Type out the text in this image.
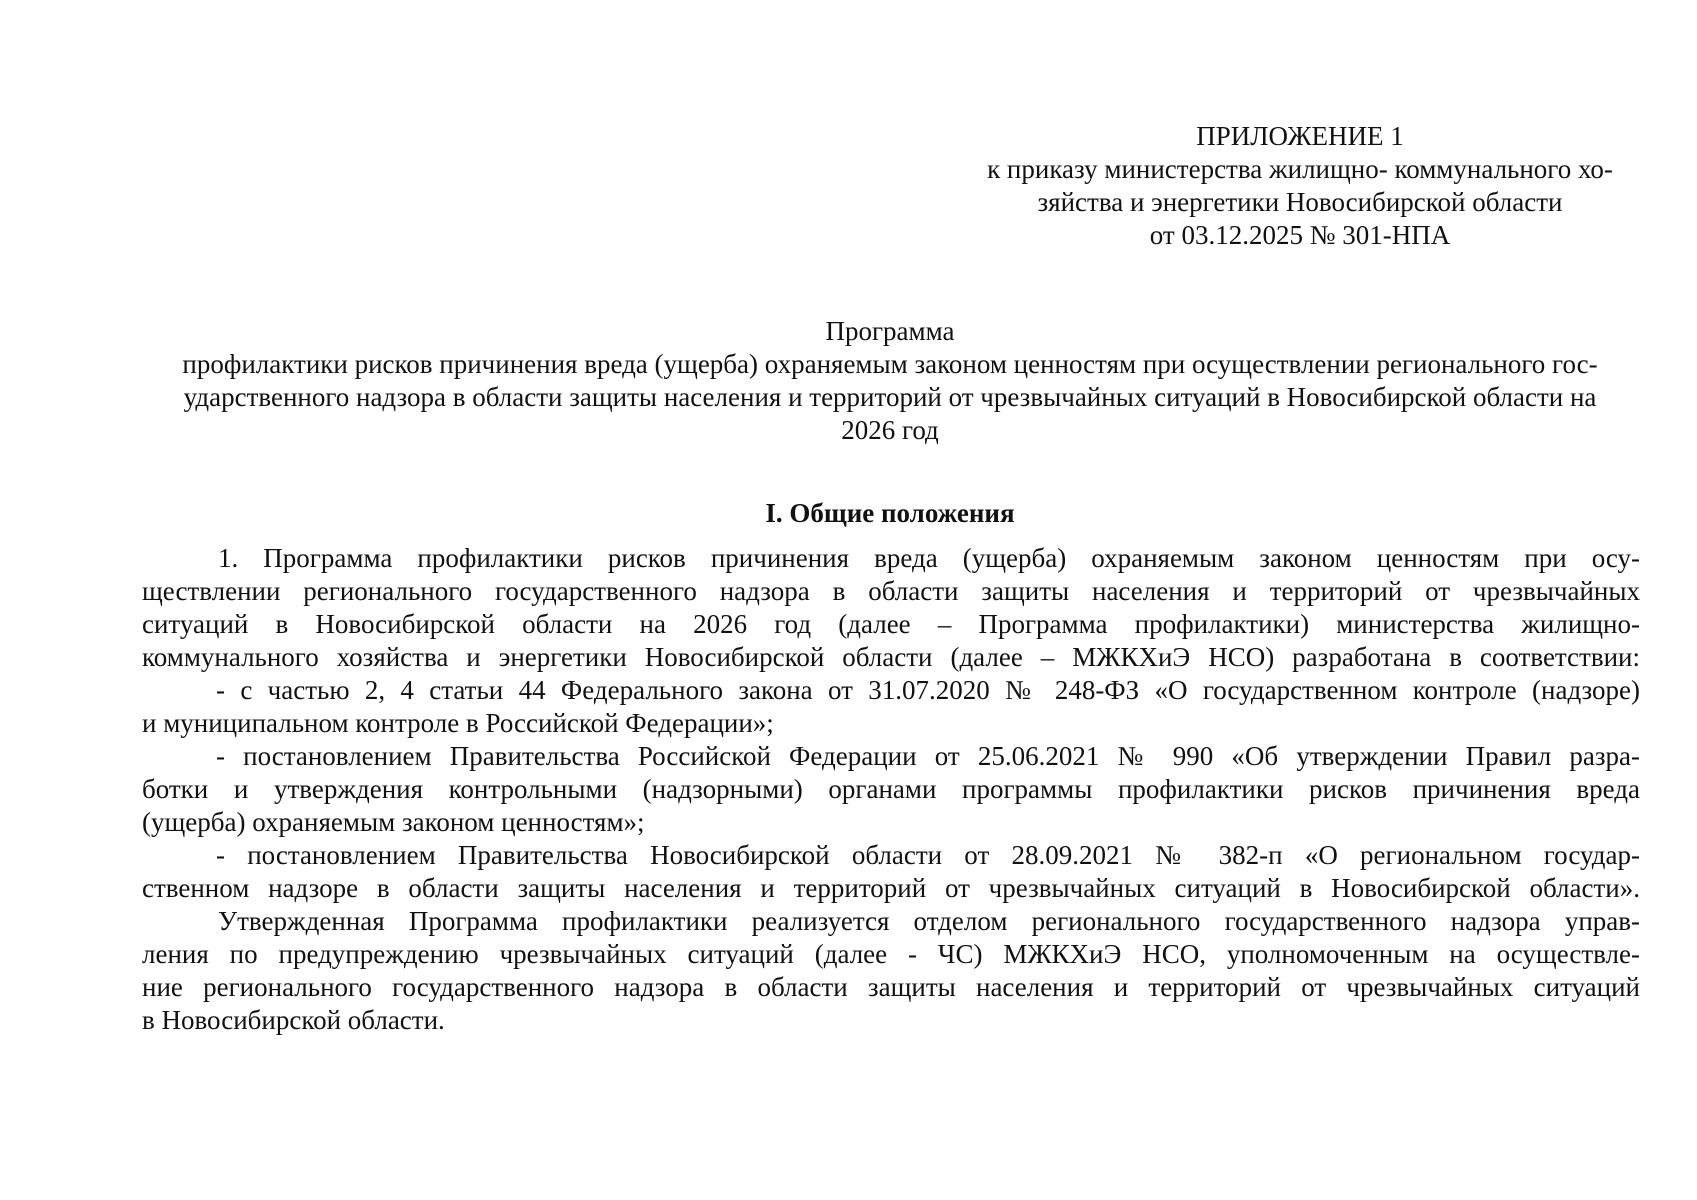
ПРИЛОЖЕНИЕ 1
к приказу министерства жилищно- коммунального хо-
зяйства и энергетики Новосибирской области
от 03.12.2025 № 301-НПА
Программа
профилактики рисков причинения вреда (ущерба) охраняемым законом ценностям при осуществлении регионального гос-
ударственного надзора в области защиты населения и территорий от чрезвычайных ситуаций в Новосибирской области на
2026 год
I. Общие положения
1. Программа профилактики рисков причинения вреда (ущерба) охраняемым законом ценностям при осу-
ществлении регионального государственного надзора в области защиты населения и территорий от чрезвычайных
ситуаций в Новосибирской области на 2026 год (далее – Программа профилактики) министерства жилищно-
коммунального хозяйства и энергетики Новосибирской области (далее – МЖКХиЭ НСО) разработана в соответствии:
- с частью 2, 4 статьи 44 Федерального закона от 31.07.2020 № 248-ФЗ «О государственном контроле (надзоре)
и муниципальном контроле в Российской Федерации»;
- постановлением Правительства Российской Федерации от 25.06.2021 № 990 «Об утверждении Правил разра-
ботки и утверждения контрольными (надзорными) органами программы профилактики рисков причинения вреда
(ущерба) охраняемым законом ценностям»;
- постановлением Правительства Новосибирской области от 28.09.2021 № 382-п «О региональном государ-
ственном надзоре в области защиты населения и территорий от чрезвычайных ситуаций в Новосибирской области».
Утвержденная Программа профилактики реализуется отделом регионального государственного надзора управ-
ления по предупреждению чрезвычайных ситуаций (далее - ЧС) МЖКХиЭ НСО, уполномоченным на осуществле-
ние регионального государственного надзора в области защиты населения и территорий от чрезвычайных ситуаций
в Новосибирской области.
